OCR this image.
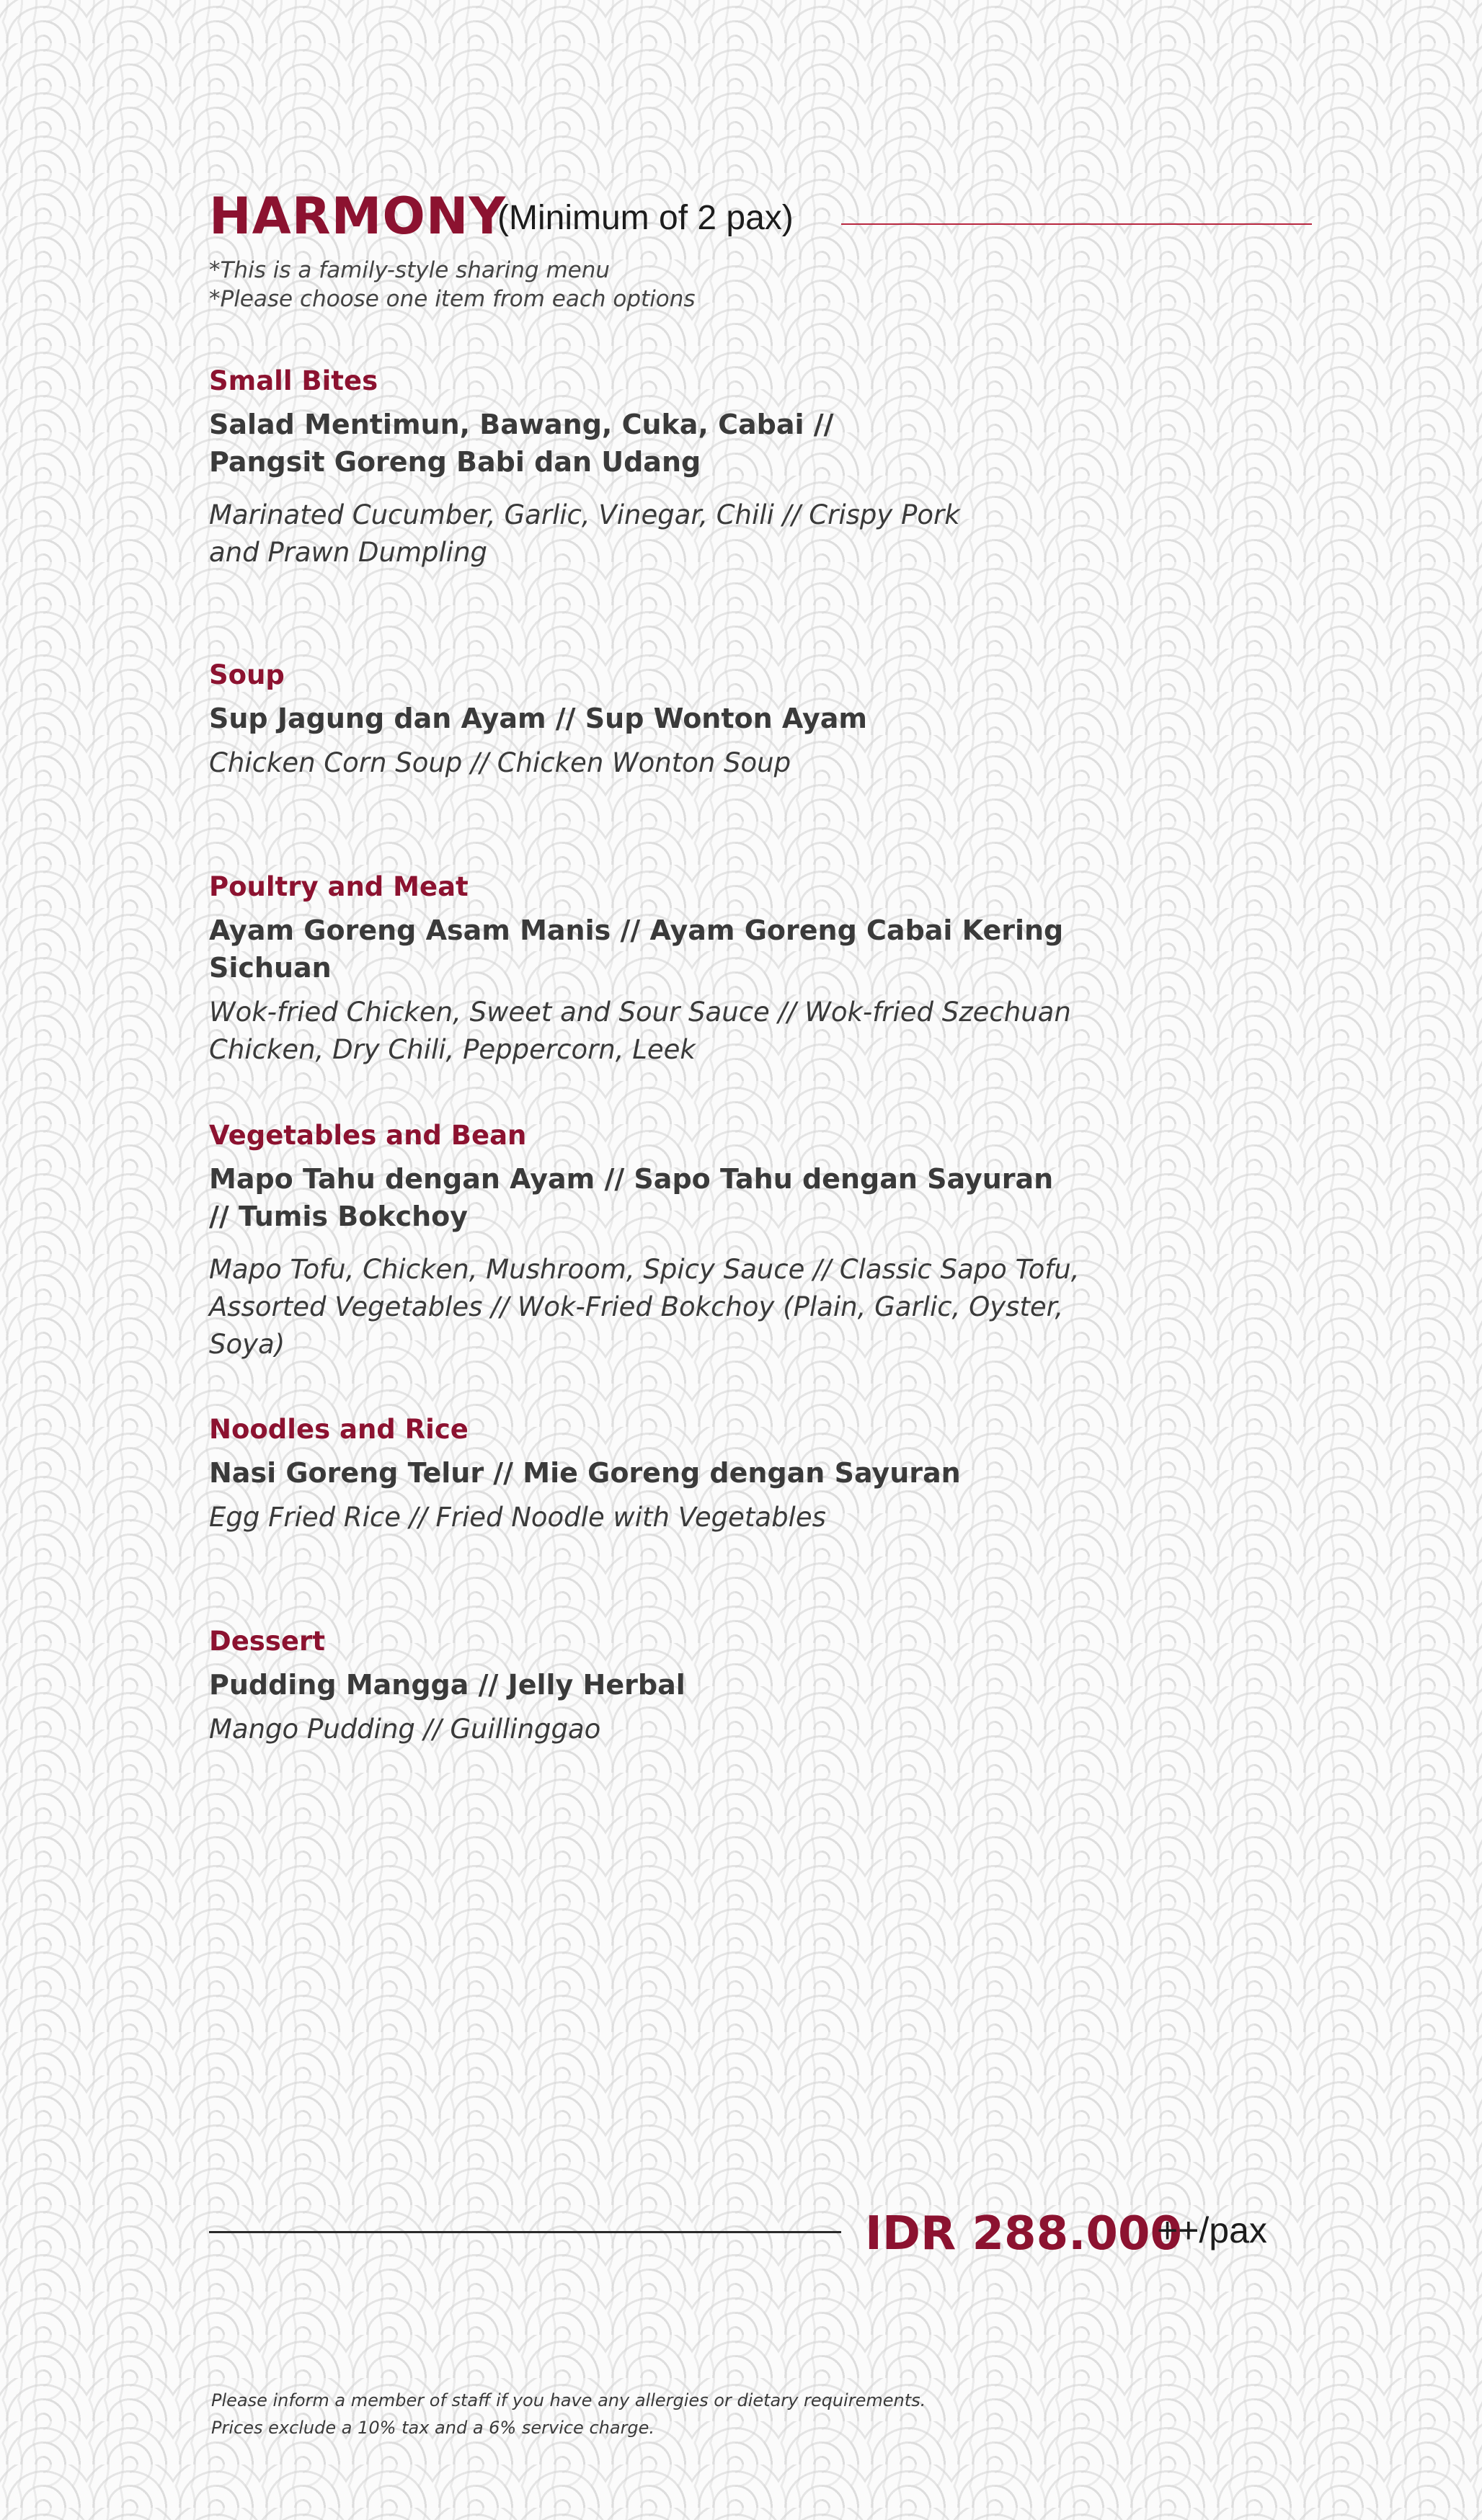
HARMONY
(Minimum of 2 pax)
*This is a family-style sharing menu
*Please choose one item from each options
Small Bites
Salad Mentimun, Bawang, Cuka, Cabai //
Pangsit Goreng Babi dan Udang
Marinated Cucumber, Garlic, Vinegar, Chili // Crispy Pork
and Prawn Dumpling
Soup
Sup Jagung dan Ayam // Sup Wonton Ayam
Chicken Corn Soup // Chicken Wonton Soup
Poultry and Meat
Ayam Goreng Asam Manis // Ayam Goreng Cabai Kering Sichuan
Wok-fried Chicken, Sweet and Sour Sauce // Wok-fried Szechuan
Chicken, Dry Chili, Peppercorn, Leek
Vegetables and Bean
Mapo Tahu dengan Ayam // Sapo Tahu dengan Sayuran
// Tumis Bokchoy
Mapo Tofu, Chicken, Mushroom, Spicy Sauce // Classic Sapo Tofu,
Assorted Vegetables // Wok-Fried Bokchoy (Plain, Garlic, Oyster, Soya)
Noodles and Rice
Nasi Goreng Telur // Mie Goreng dengan Sayuran
Egg Fried Rice // Fried Noodle with Vegetables
Dessert
Pudding Mangga // Jelly Herbal
Mango Pudding // Guillinggao
IDR 288.000
++/pax
Please inform a member of staff if you have any allergies or dietary requirements.
Prices exclude a 10% tax and a 6% service charge.
